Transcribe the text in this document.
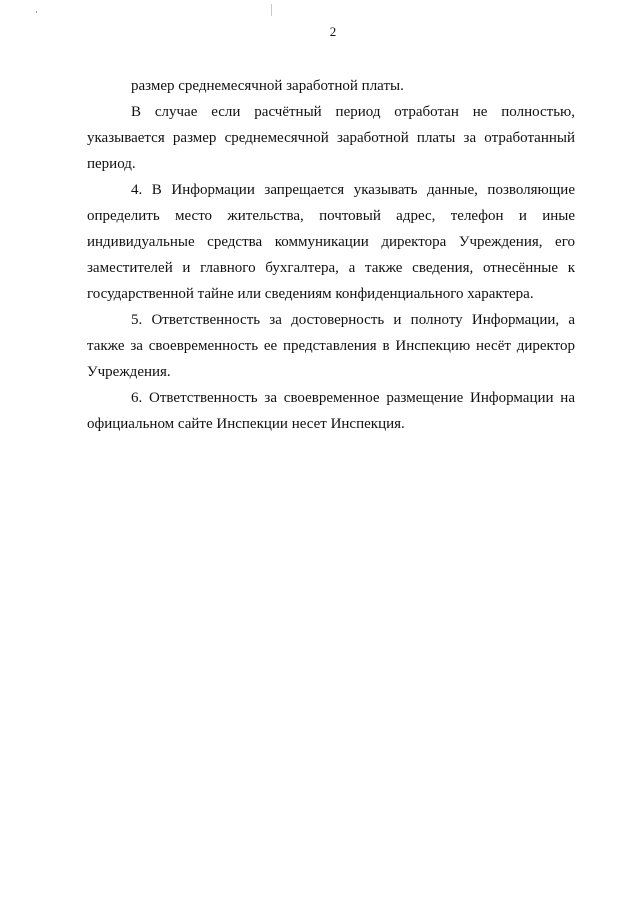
2

размер среднемесячной заработной платы.

В случае если расчётный период отработан не полностью, указывается размер среднемесячной заработной платы за отработанный период.

4. В Информации запрещается указывать данные, позволяющие определить место жительства, почтовый адрес, телефон и иные индивидуальные средства коммуникации директора Учреждения, его заместителей и главного бухгалтера, а также сведения, отнесённые к государственной тайне или сведениям конфиденциального характера.

5. Ответственность за достоверность и полноту Информации, а также за своевременность ее представления в Инспекцию несёт директор Учреждения.

6. Ответственность за своевременное размещение Информации на официальном сайте Инспекции несет Инспекция.
